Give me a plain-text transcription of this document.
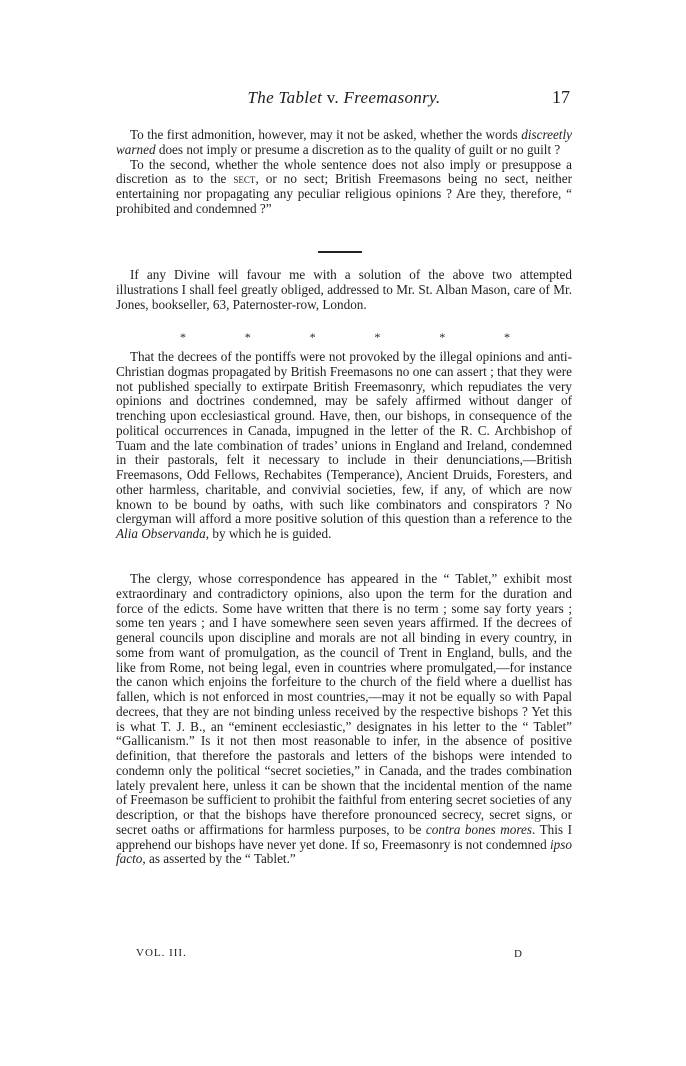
The Tablet v. Freemasonry.	17

To the first admonition, however, may it not be asked, whether the words discreetly warned does not imply or presume a discretion as to the quality of guilt or no guilt ?

To the second, whether the whole sentence does not also imply or presuppose a discretion as to the sect, or no sect; British Freemasons being no sect, neither entertaining nor propagating any peculiar religious opinions ? Are they, therefore, “ prohibited and condemned ?”

If any Divine will favour me with a solution of the above two attempted illustrations I shall feel greatly obliged, addressed to Mr. St. Alban Mason, care of Mr. Jones, bookseller, 63, Paternoster-row, London.

*	*	*	*	*	*

That the decrees of the pontiffs were not provoked by the illegal opinions and anti-Christian dogmas propagated by British Freemasons no one can assert ; that they were not published specially to extirpate British Freemasonry, which repudiates the very opinions and doctrines condemned, may be safely affirmed without danger of trenching upon ecclesiastical ground. Have, then, our bishops, in consequence of the political occurrences in Canada, impugned in the letter of the R. C. Archbishop of Tuam and the late combination of trades’ unions in England and Ireland, condemned in their pastorals, felt it necessary to include in their denunciations,—British Freemasons, Odd Fellows, Rechabites (Temperance), Ancient Druids, Foresters, and other harmless, charitable, and convivial societies, few, if any, of which are now known to be bound by oaths, with such like combinators and conspirators ? No clergyman will afford a more positive solution of this question than a reference to the Alia Observanda, by which he is guided.

The clergy, whose correspondence has appeared in the “ Tablet,” exhibit most extraordinary and contradictory opinions, also upon the term for the duration and force of the edicts. Some have written that there is no term ; some say forty years ; some ten years ; and I have somewhere seen seven years affirmed. If the decrees of general councils upon discipline and morals are not all binding in every country, in some from want of promulgation, as the council of Trent in England, bulls, and the like from Rome, not being legal, even in countries where promulgated,—for instance the canon which enjoins the forfeiture to the church of the field where a duellist has fallen, which is not enforced in most countries,—may it not be equally so with Papal decrees, that they are not binding unless received by the respective bishops ? Yet this is what T. J. B., an “eminent ecclesiastic,” designates in his letter to the “ Tablet” “Gallicanism.” Is it not then most reasonable to infer, in the absence of positive definition, that therefore the pastorals and letters of the bishops were intended to condemn only the political “secret societies,” in Canada, and the trades combination lately prevalent here, unless it can be shown that the incidental mention of the name of Freemason be sufficient to prohibit the faithful from entering secret societies of any description, or that the bishops have therefore pronounced secrecy, secret signs, or secret oaths or affirmations for harmless purposes, to be contra bones mores. This I apprehend our bishops have never yet done. If so, Freemasonry is not condemned ipso facto, as asserted by the “ Tablet.”

VOL. III.	D
